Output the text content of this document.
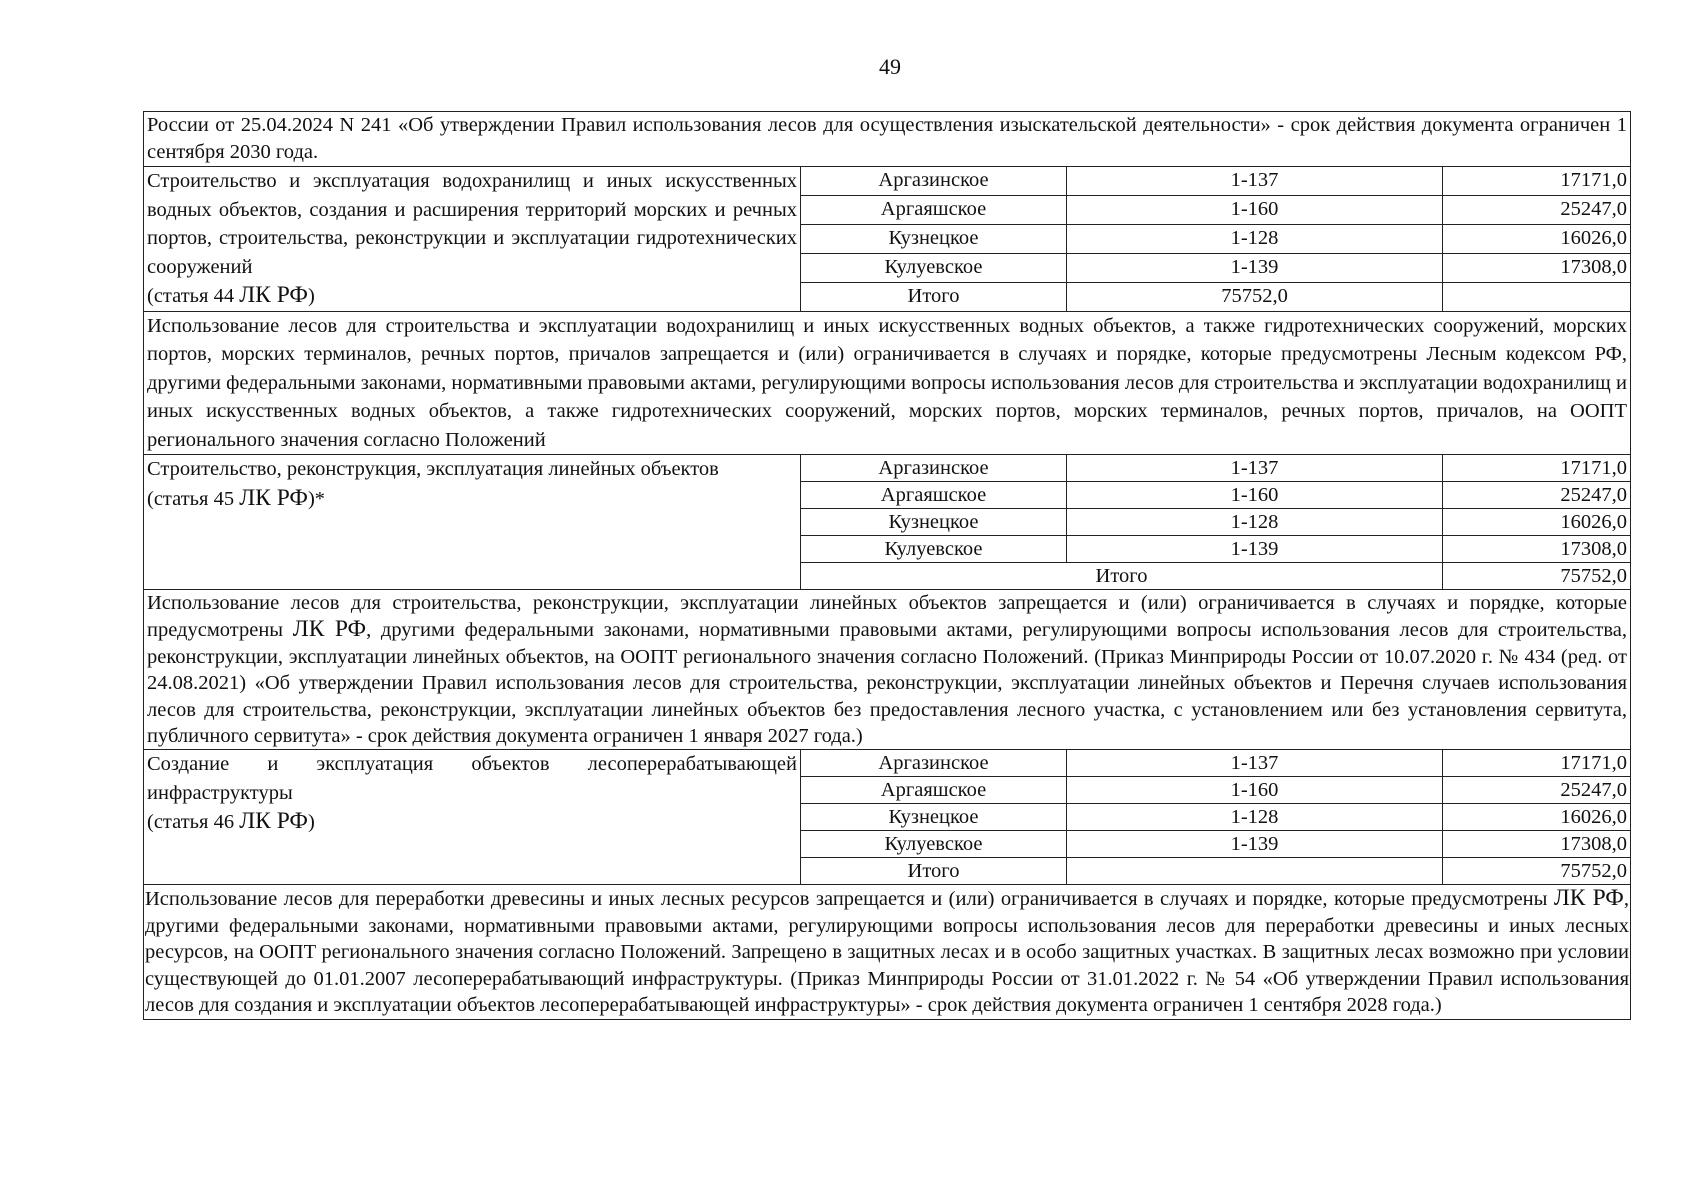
49
России от 25.04.2024 N 241 «Об утверждении Правил использования лесов для осуществления изыскательской деятельности» - срок действия документа ограничен 1 сентября 2030 года.			
Строительство и эксплуатация водохранилищ и иных искусственных водных объектов, создания и расширения территорий морских и речных портов, строительства, реконструкции и эксплуатации гидротехнических сооружений
(статья 44 ЛК РФ)	Аргазинское	1-137	17171,0
	Аргаяшское	1-160	25247,0
	Кузнецкое	1-128	16026,0
	Кулуевское	1-139	17308,0
	Итого	75752,0	
Использование лесов для строительства и эксплуатации водохранилищ и иных искусственных водных объектов, а также гидротехнических сооружений, морских портов, морских терминалов, речных портов, причалов запрещается и (или) ограничивается в случаях и порядке, которые предусмотрены Лесным кодексом РФ, другими федеральными законами, нормативными правовыми актами, регулирующими вопросы использования лесов для строительства и эксплуатации водохранилищ и иных искусственных водных объектов, а также гидротехнических сооружений, морских портов, морских терминалов, речных портов, причалов, на ООПТ регионального значения согласно Положений			
Строительство, реконструкция, эксплуатация линейных объектов
(статья 45 ЛК РФ)*	Аргазинское	1-137	17171,0
	Аргаяшское	1-160	25247,0
	Кузнецкое	1-128	16026,0
	Кулуевское	1-139	17308,0
	Итого		75752,0
Использование лесов для строительства, реконструкции, эксплуатации линейных объектов запрещается и (или) ограничивается в случаях и порядке, которые предусмотрены ЛК РФ, другими федеральными законами, нормативными правовыми актами, регулирующими вопросы использования лесов для строительства, реконструкции, эксплуатации линейных объектов, на ООПТ регионального значения согласно Положений. (Приказ Минприроды России от 10.07.2020 г. № 434 (ред. от 24.08.2021) «Об утверждении Правил использования лесов для строительства, реконструкции, эксплуатации линейных объектов и Перечня случаев использования лесов для строительства, реконструкции, эксплуатации линейных объектов без предоставления лесного участка, с установлением или без установления сервитута, публичного сервитута» - срок действия документа ограничен 1 января 2027 года.)			
Создание и эксплуатация объектов лесоперерабатывающей инфраструктуры
(статья 46 ЛК РФ)	Аргазинское	1-137	17171,0
	Аргаяшское	1-160	25247,0
	Кузнецкое	1-128	16026,0
	Кулуевское	1-139	17308,0
	Итого		75752,0
Использование лесов для переработки древесины и иных лесных ресурсов запрещается и (или) ограничивается в случаях и порядке, которые предусмотрены ЛК РФ, другими федеральными законами, нормативными правовыми актами, регулирующими вопросы использования лесов для переработки древесины и иных лесных ресурсов, на ООПТ регионального значения согласно Положений. Запрещено в защитных лесах и в особо защитных участках. В защитных лесах возможно при условии существующей до 01.01.2007 лесоперерабатывающий инфраструктуры. (Приказ Минприроды России от 31.01.2022 г. № 54 «Об утверждении Правил использования лесов для создания и эксплуатации объектов лесоперерабатывающей инфраструктуры» - срок действия документа ограничен 1 сентября 2028 года.)			
